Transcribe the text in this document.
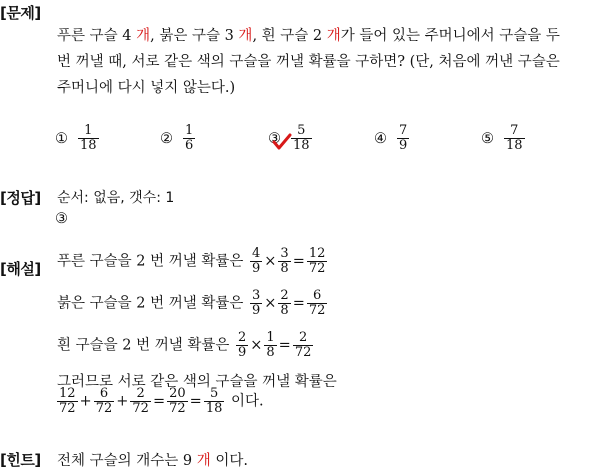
[문제]
푸른 구슬 4 개, 붉은 구슬 3 개, 흰 구슬 2 개가 들어 있는 주머니에서 구슬을 두
번 꺼낼 때, 서로 같은 색의 구슬을 꺼낼 확률을 구하면? (단, 처음에 꺼낸 구슬은
주머니에 다시 넣지 않는다.)
① $\frac{1}{18}$	② $\frac{1}{6}$	③ $\frac{5}{18}$	④ $\frac{7}{9}$	⑤ $\frac{7}{18}$
[정답] 순서: 없음, 갯수: 1
③
[해설] 푸른 구슬을 2 번 꺼낼 확률은 $\frac{4}{9} \times \frac{3}{8} = \frac{12}{72}$
붉은 구슬을 2 번 꺼낼 확률은 $\frac{3}{9} \times \frac{2}{8} = \frac{6}{72}$
흰 구슬을 2 번 꺼낼 확률은 $\frac{2}{9} \times \frac{1}{8} = \frac{2}{72}$
그러므로 서로 같은 색의 구슬을 꺼낼 확률은
$\frac{12}{72} + \frac{6}{72} + \frac{2}{72} = \frac{20}{72} = \frac{5}{18}$ 이다.
[힌트] 전체 구슬의 개수는 9 개 이다.
